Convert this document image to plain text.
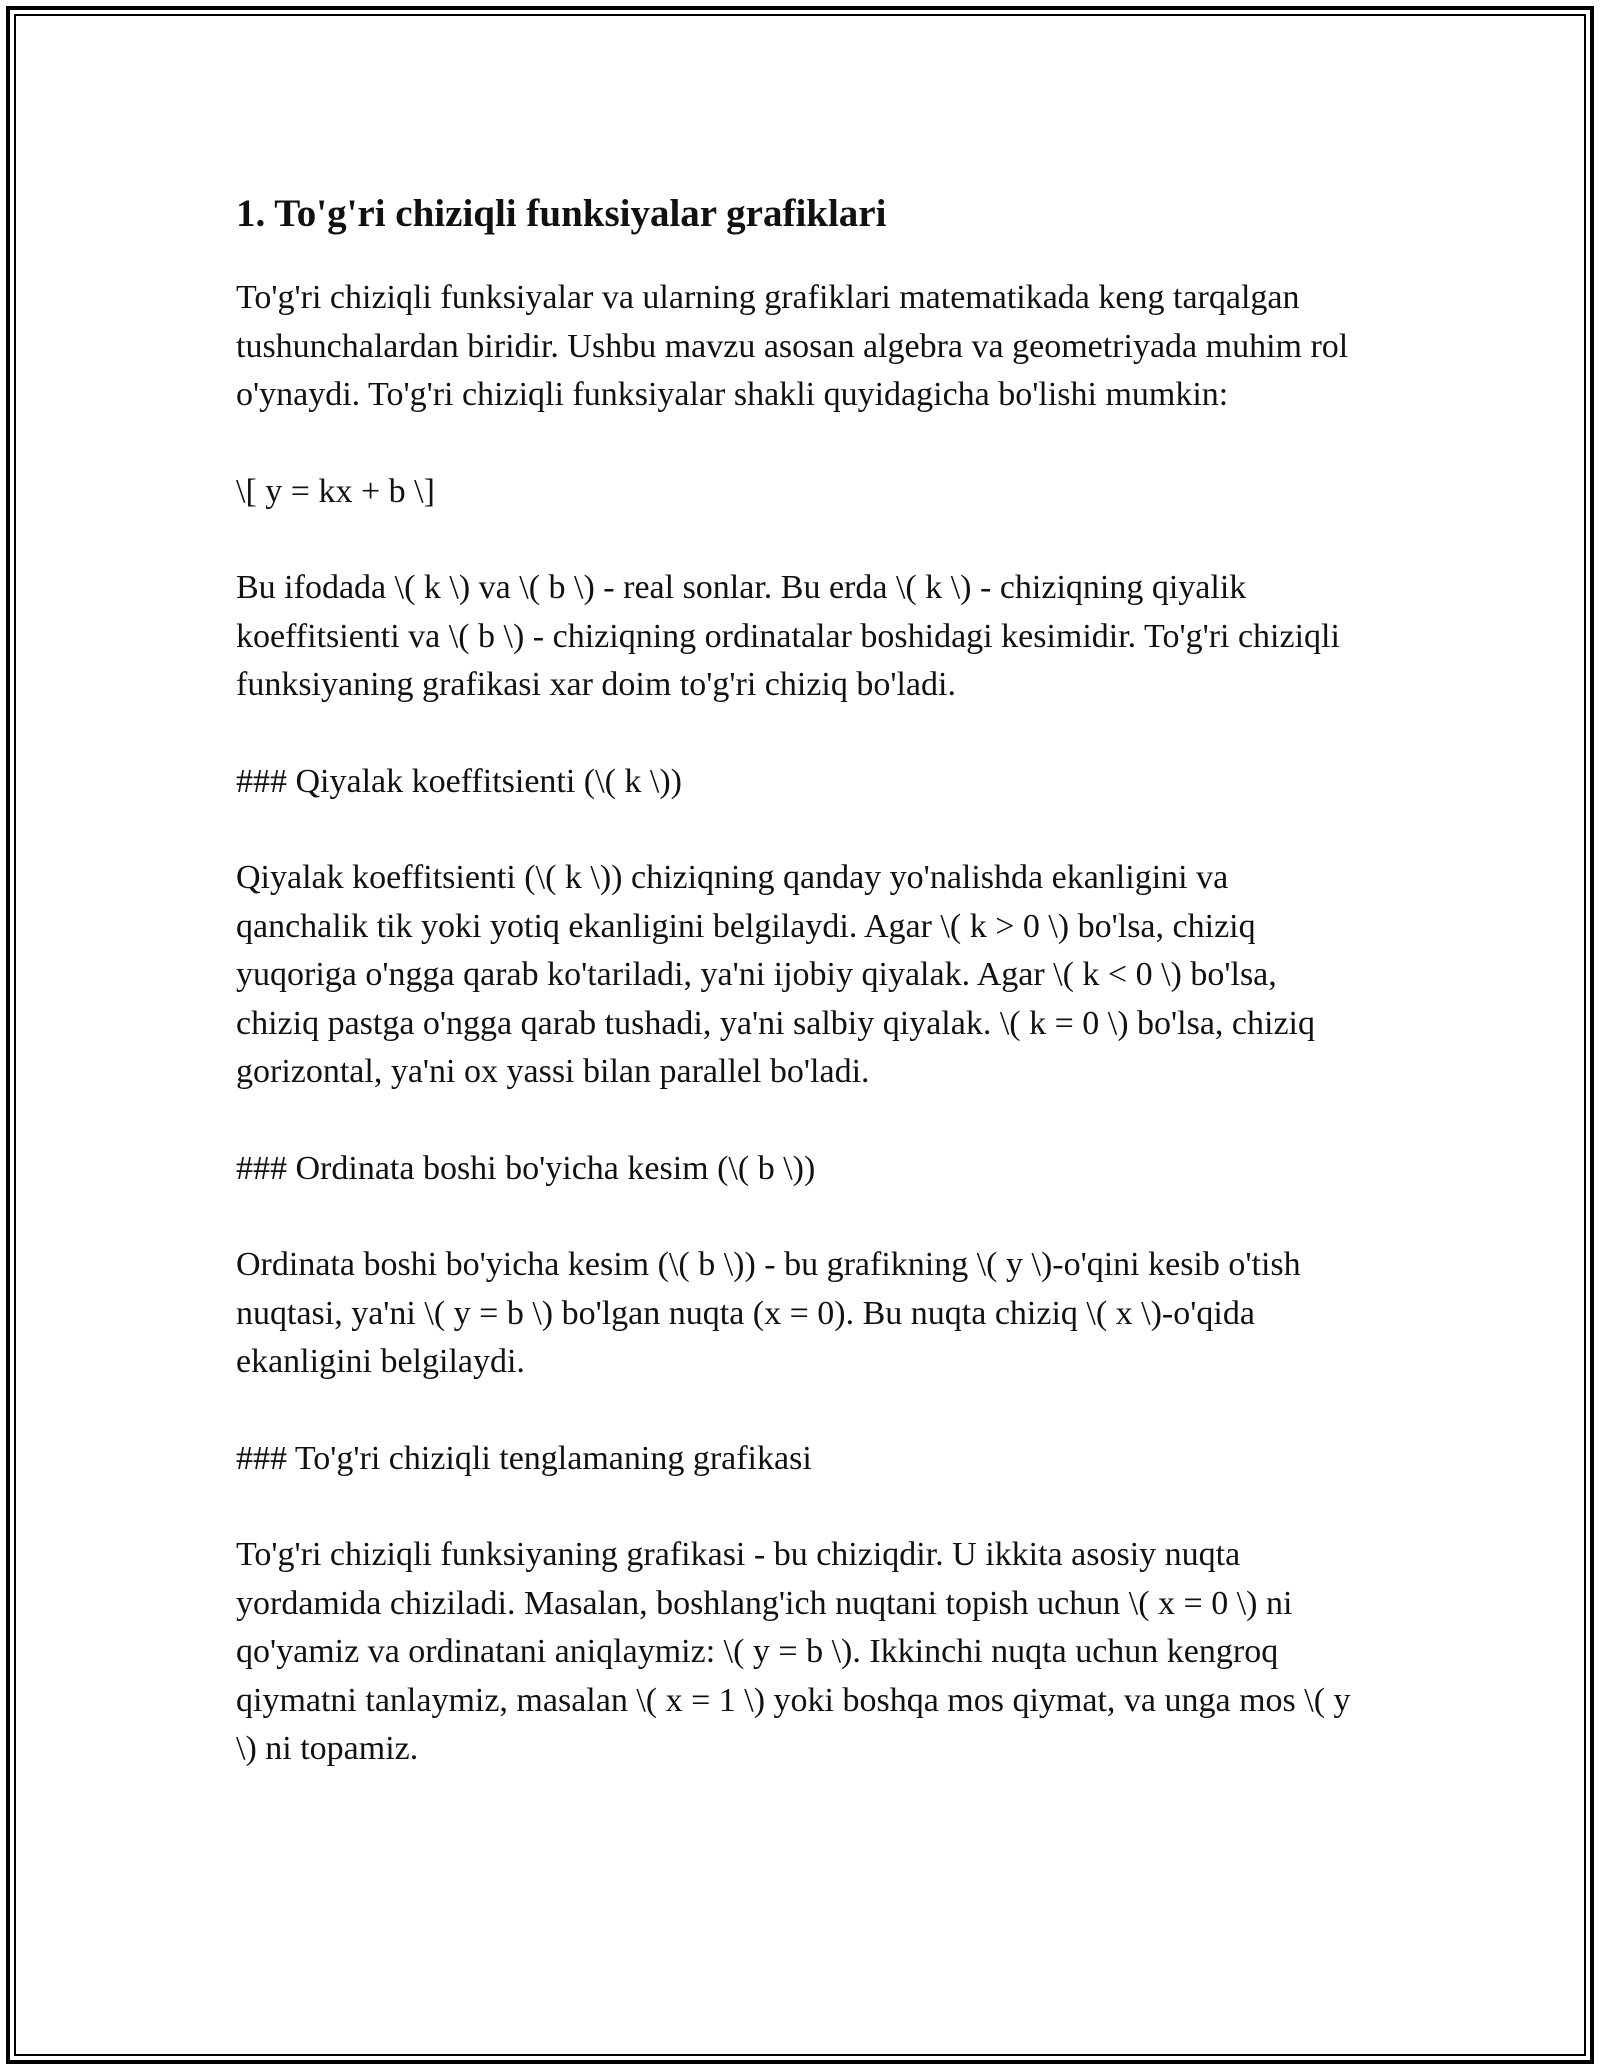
1. To'g'ri chiziqli funksiyalar grafiklari

To'g'ri chiziqli funksiyalar va ularning grafiklari matematikada keng tarqalgan tushunchalardan biridir. Ushbu mavzu asosan algebra va geometriyada muhim rol o'ynaydi. To'g'ri chiziqli funksiyalar shakli quyidagicha bo'lishi mumkin:

\[ y = kx + b \]

Bu ifodada \( k \) va \( b \) - real sonlar. Bu erda \( k \) - chiziqning qiyalik koeffitsienti va \( b \) - chiziqning ordinatalar boshidagi kesimidir. To'g'ri chiziqli funksiyaning grafikasi xar doim to'g'ri chiziq bo'ladi.

### Qiyalak koeffitsienti (\( k \))

Qiyalak koeffitsienti (\( k \)) chiziqning qanday yo'nalishda ekanligini va qanchalik tik yoki yotiq ekanligini belgilaydi. Agar \( k > 0 \) bo'lsa, chiziq yuqoriga o'ngga qarab ko'tariladi, ya'ni ijobiy qiyalak. Agar \( k < 0 \) bo'lsa, chiziq pastga o'ngga qarab tushadi, ya'ni salbiy qiyalak. \( k = 0 \) bo'lsa, chiziq gorizontal, ya'ni ox yassi bilan parallel bo'ladi.

### Ordinata boshi bo'yicha kesim (\( b \))

Ordinata boshi bo'yicha kesim (\( b \)) - bu grafikning \( y \)-o'qini kesib o'tish nuqtasi, ya'ni \( y = b \) bo'lgan nuqta (x = 0). Bu nuqta chiziq \( x \)-o'qida ekanligini belgilaydi.

### To'g'ri chiziqli tenglamaning grafikasi

To'g'ri chiziqli funksiyaning grafikasi - bu chiziqdir. U ikkita asosiy nuqta yordamida chiziladi. Masalan, boshlang'ich nuqtani topish uchun \( x = 0 \) ni qo'yamiz va ordinatani aniqlaymiz: \( y = b \). Ikkinchi nuqta uchun kengroq qiymatni tanlaymiz, masalan \( x = 1 \) yoki boshqa mos qiymat, va unga mos \( y \) ni topamiz.
